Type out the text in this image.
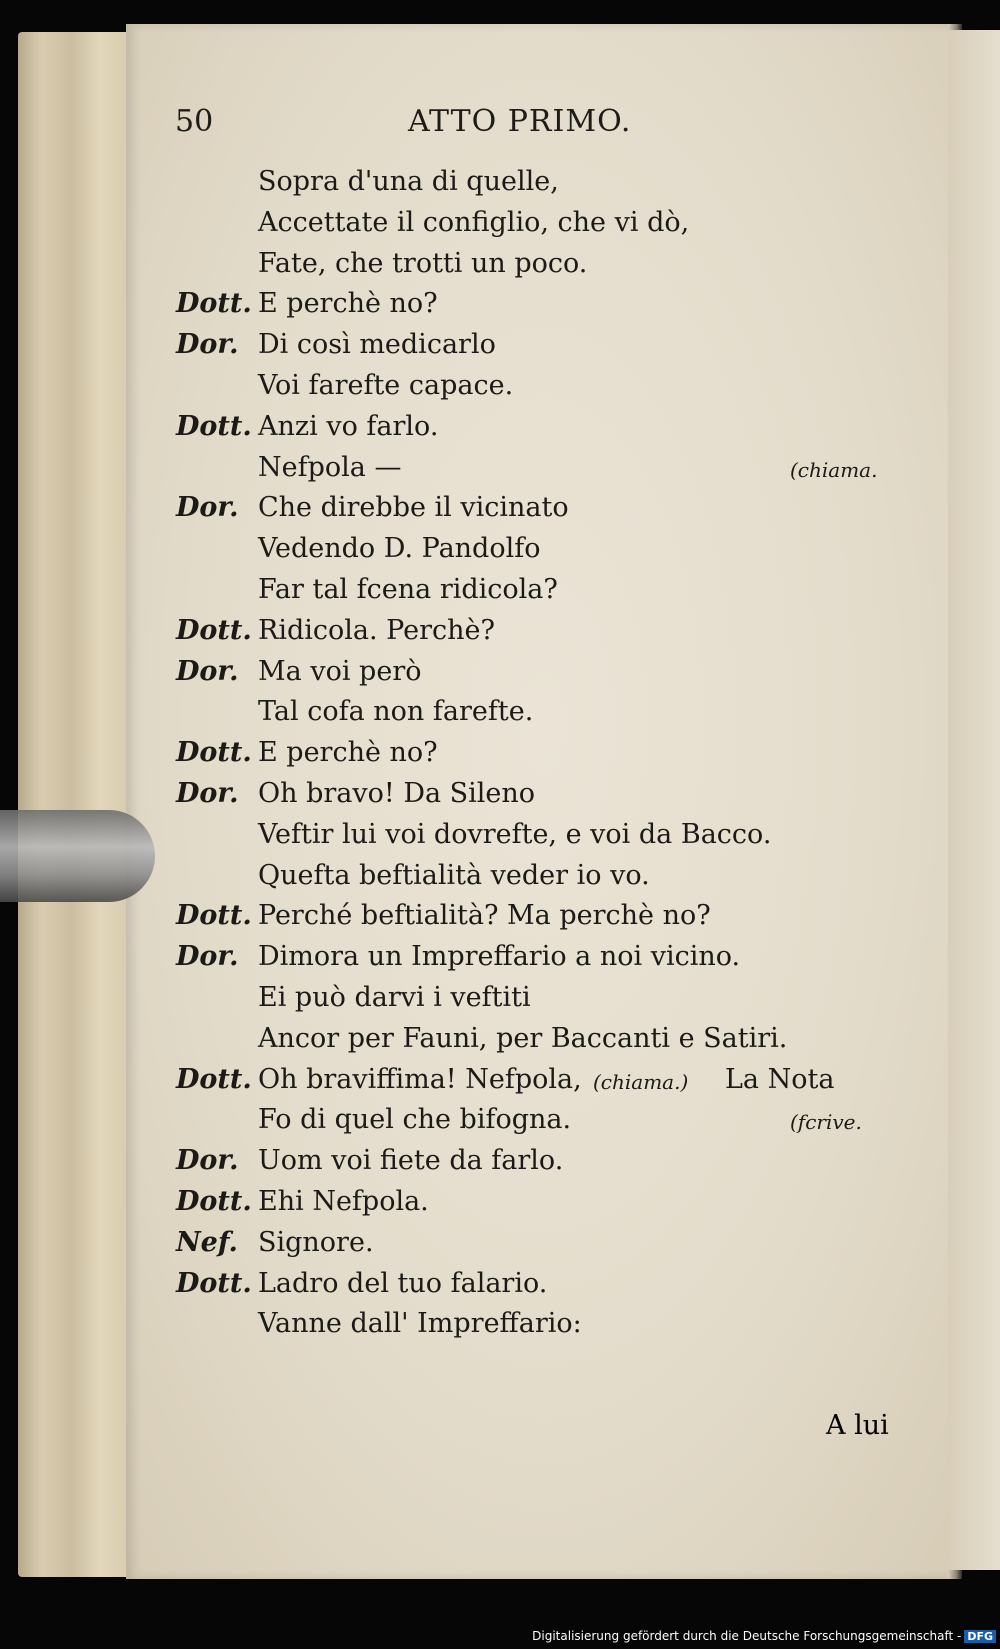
50	ATTO PRIMO.
Sopra d'una di quelle,
Accettate il configlio, che vi dò,
Fate, che trotti un poco.
Dott. E perchè no?
Dor. Di così medicarlo
Voi farefte capace.
Dott. Anzi vo farlo.
Nefpola —	(chiama.
Dor. Che direbbe il vicinato
Vedendo D. Pandolfo
Far tal fcena ridicola?
Dott. Ridicola. Perchè?
Dor. Ma voi però
Tal cofa non farefte.
Dott. E perchè no?
Dor. Oh bravo! Da Sileno
Veftir lui voi dovrefte, e voi da Bacco.
Quefta beftialità veder io vo.
Dott. Perché beftialità? Ma perchè no?
Dor. Dimora un Impreffario a noi vicino.
Ei può darvi i veftiti
Ancor per Fauni, per Baccanti e Satiri.
Dott. Oh braviffima! Nefpola, (chiama.) La Nota
Fo di quel che bifogna.	(fcrive.
Dor. Uom voi fiete da farlo.
Dott. Ehi Nefpola.
Nef. Signore.
Dott. Ladro del tuo falario.
Vanne dall' Impreffario:
A lui
Digitalisierung gefördert durch die Deutsche Forschungsgemeinschaft - DFG
